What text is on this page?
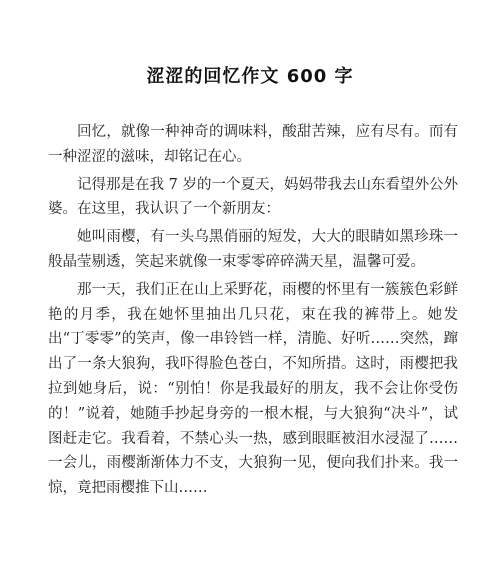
涩涩的回忆作文 600 字

回忆，就像一种神奇的调味料，酸甜苦辣，应有尽有。而有一种涩涩的滋味，却铭记在心。

记得那是在我 7 岁的一个夏天，妈妈带我去山东看望外公外婆。在这里，我认识了一个新朋友：

她叫雨樱，有一头乌黑俏丽的短发，大大的眼睛如黑珍珠一般晶莹剔透，笑起来就像一束零零碎碎满天星，温馨可爱。

那一天，我们正在山上采野花，雨樱的怀里有一簇簇色彩鲜艳的月季，我在她怀里抽出几只花，束在我的裤带上。她发出“丁零零”的笑声，像一串铃铛一样，清脆、好听……突然，蹿出了一条大狼狗，我吓得脸色苍白，不知所措。这时，雨樱把我拉到她身后，说：“别怕！你是我最好的朋友，我不会让你受伤的！”说着，她随手抄起身旁的一根木棍，与大狼狗“决斗”，试图赶走它。我看着，不禁心头一热，感到眼眶被泪水浸湿了……一会儿，雨樱渐渐体力不支，大狼狗一见，便向我们扑来。我一惊，竟把雨樱推下山……
